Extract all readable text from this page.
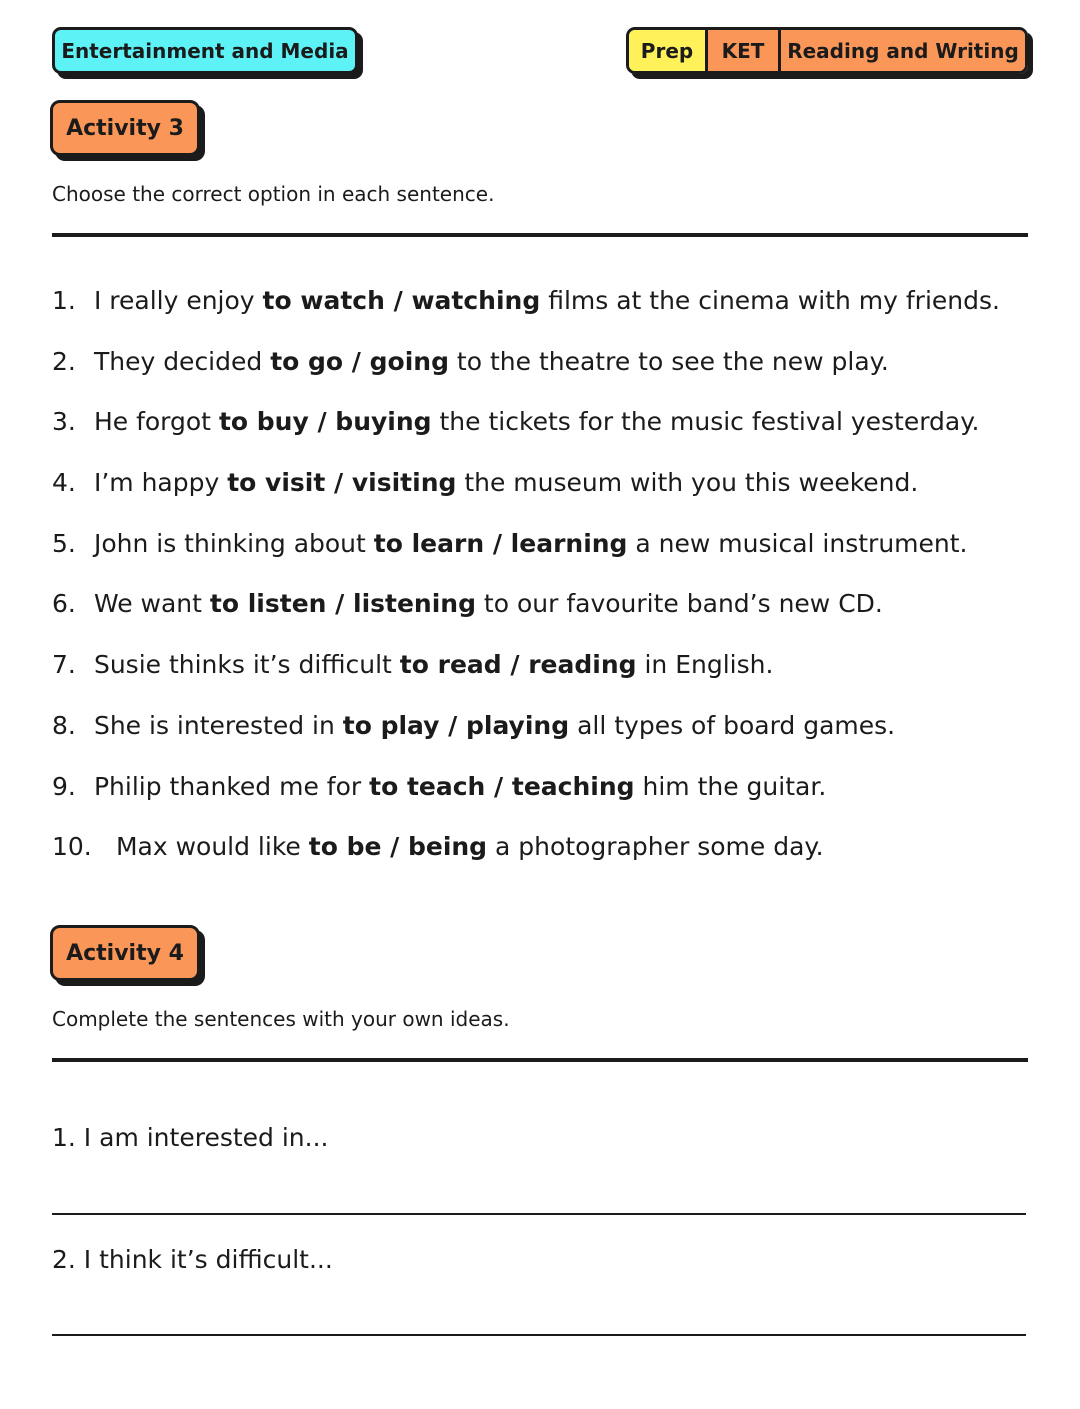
Entertainment and Media	Prep	KET	Reading and Writing
Activity 3
Choose the correct option in each sentence.
1. I really enjoy to watch / watching films at the cinema with my friends.
2. They decided to go / going to the theatre to see the new play.
3. He forgot to buy / buying the tickets for the music festival yesterday.
4. I’m happy to visit / visiting the museum with you this weekend.
5. John is thinking about to learn / learning a new musical instrument.
6. We want to listen / listening to our favourite band’s new CD.
7. Susie thinks it’s difficult to read / reading in English.
8. She is interested in to play / playing all types of board games.
9. Philip thanked me for to teach / teaching him the guitar.
10. Max would like to be / being a photographer some day.
Activity 4
Complete the sentences with your own ideas.
1. I am interested in...
2. I think it’s difficult...
